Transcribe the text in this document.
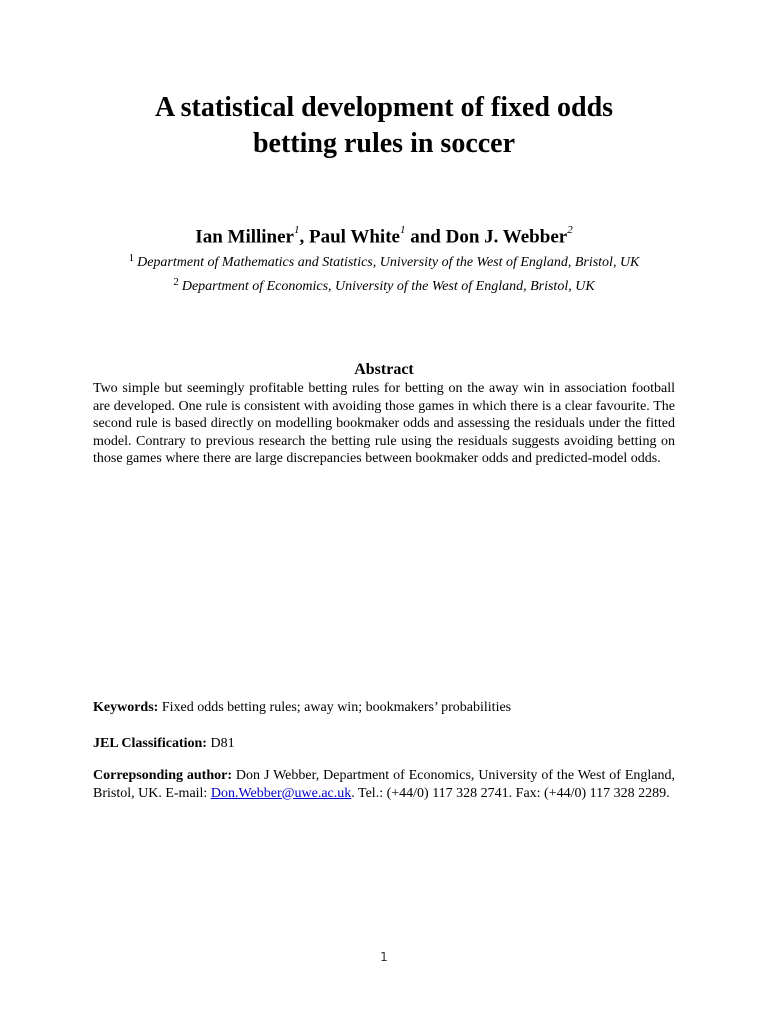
A statistical development of fixed odds
betting rules in soccer
Ian Milliner$^1$, Paul White$^1$ and Don J. Webber$^2$
$^1$ Department of Mathematics and Statistics, University of the West of England, Bristol, UK
$^2$ Department of Economics, University of the West of England, Bristol, UK
Abstract

Two simple but seemingly profitable betting rules for betting on the away win in association football are developed. One rule is consistent with avoiding those games in which there is a clear favourite. The second rule is based directly on modelling bookmaker odds and assessing the residuals under the fitted model. Contrary to previous research the betting rule using the residuals suggests avoiding betting on those games where there are large discrepancies between bookmaker odds and predicted-model odds.

Keywords: Fixed odds betting rules; away win; bookmakers’ probabilities

JEL Classification: D81

Correpsonding author: Don J Webber, Department of Economics, University of the West of England, Bristol, UK. E-mail: Don.Webber@uwe.ac.uk. Tel.: (+44/0) 117 328 2741. Fax: (+44/0) 117 328 2289.

1
